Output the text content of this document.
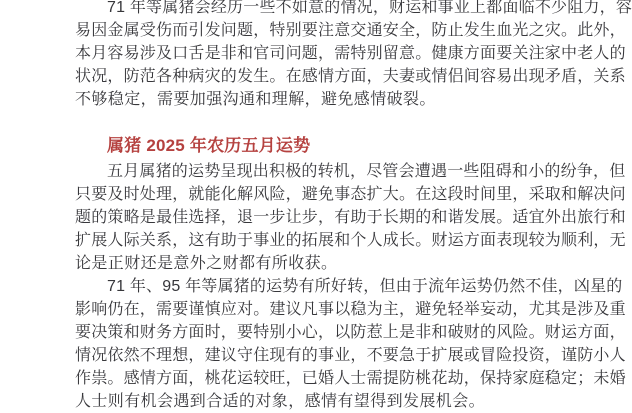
71 年等属猪会经历一些不如意的情况，财运和事业上都面临不少阻力，容
易因金属受伤而引发问题，特别要注意交通安全，防止发生血光之灾。此外，
本月容易涉及口舌是非和官司问题，需特别留意。健康方面要关注家中老人的
状况，防范各种病灾的发生。在感情方面，夫妻或情侣间容易出现矛盾，关系
不够稳定，需要加强沟通和理解，避免感情破裂。
属猪 2025 年农历五月运势
五月属猪的运势呈现出积极的转机，尽管会遭遇一些阻碍和小的纷争，但
只要及时处理，就能化解风险，避免事态扩大。在这段时间里，采取和解决问
题的策略是最佳选择，退一步让步，有助于长期的和谐发展。适宜外出旅行和
扩展人际关系，这有助于事业的拓展和个人成长。财运方面表现较为顺利，无
论是正财还是意外之财都有所收获。
71 年、95 年等属猪的运势有所好转，但由于流年运势仍然不佳，凶星的
影响仍在，需要谨慎应对。建议凡事以稳为主，避免轻举妄动，尤其是涉及重
要决策和财务方面时，要特别小心，以防惹上是非和破财的风险。财运方面，
情况依然不理想，建议守住现有的事业，不要急于扩展或冒险投资，谨防小人
作祟。感情方面，桃花运较旺，已婚人士需提防桃花劫，保持家庭稳定；未婚
人士则有机会遇到合适的对象，感情有望得到发展机会。
